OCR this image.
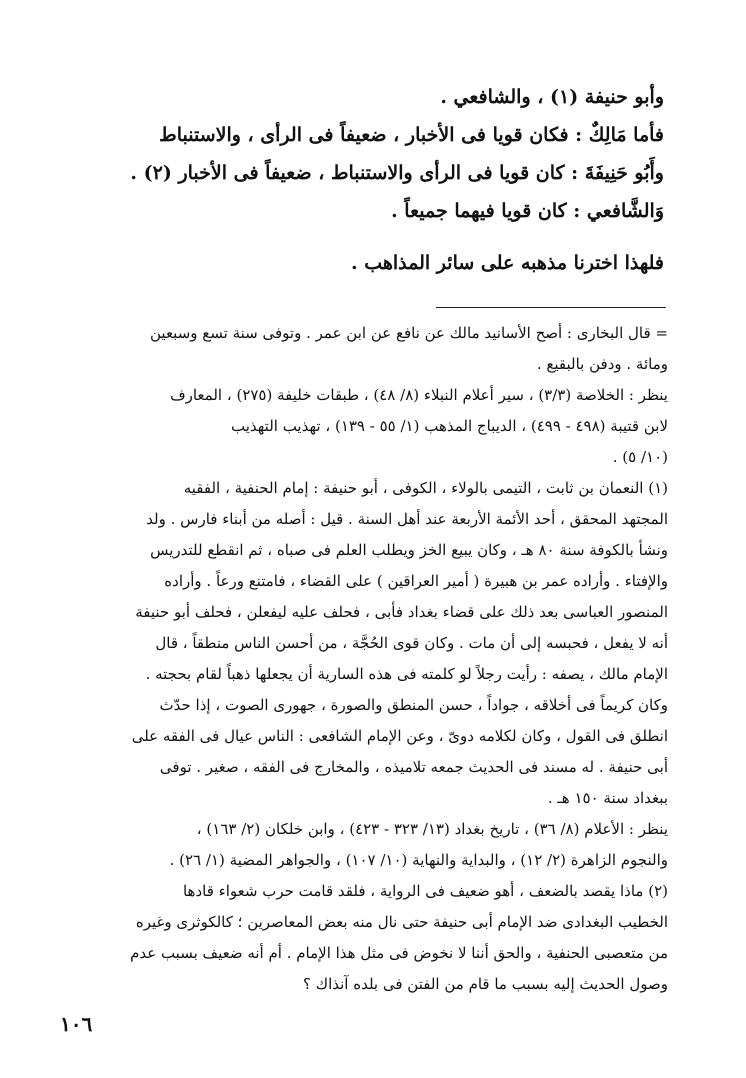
وأبو حنيفة (١) ، والشافعي .
فأما مَالِكٌ : فكان قويا فى الأخبار ، ضعيفاً فى الرأى ، والاستنباط
وأَبُو حَنِيفَةَ : كان قويا فى الرأى والاستنباط ، ضعيفاً فى الأخبار (٢) .
وَالشَّافعي : كان قويا فيهما جميعاً .
فلهذا اخترنا مذهبه على سائر المذاهب .
= قال البخارى : أصح الأسانيد مالك عن نافع عن ابن عمر . وتوفى سنة تسع وسبعين
ومائة . ودفن بالبقيع .
ينظر : الخلاصة (٣/٣) ، سير أعلام النبلاء (٨/ ٤٨) ، طبقات خليفة (٢٧٥) ، المعارف
لابن قتيبة (٤٩٨ - ٤٩٩) ، الديباج المذهب (١/ ٥٥ - ١٣٩) ، تهذيب التهذيب
(١٠/ ٥) .
(١) النعمان بن ثابت ، التيمى بالولاء ، الكوفى ، أبو حنيفة : إمام الحنفية ، الفقيه
المجتهد المحقق ، أحد الأئمة الأربعة عند أهل السنة . قيل : أصله من أبناء فارس . ولد
ونشأ بالكوفة سنة ٨٠ هـ ، وكان يبيع الخز ويطلب العلم فى صباه ، ثم انقطع للتدريس
والإفتاء . وأراده عمر بن هبيرة ( أمير العراقين ) على القضاء ، فامتنع ورعاً . وأراده
المنصور العباسى بعد ذلك على قضاء بغداد فأبى ، فحلف عليه ليفعلن ، فحلف أبو حنيفة
أنه لا يفعل ، فحبسه إلى أن مات . وكان قوى الحُجَّة ، من أحسن الناس منطقاً ، قال
الإمام مالك ، يصفه : رأيت رجلاً لو كلمته فى هذه السارية أن يجعلها ذهباً لقام بحجته .
وكان كريماً فى أخلاقه ، جواداً ، حسن المنطق والصورة ، جهورى الصوت ، إذا حدّث
انطلق فى القول ، وكان لكلامه دوىّ ، وعن الإمام الشافعى : الناس عيال فى الفقه على
أبى حنيفة . له مسند فى الحديث جمعه تلاميذه ، والمخارج فى الفقه ، صغير . توفى
ببغداد سنة ١٥٠ هـ .
ينظر : الأعلام (٨/ ٣٦) ، تاريخ بغداد (١٣/ ٣٢٣ - ٤٢٣) ، وابن خلكان (٢/ ١٦٣) ،
والنجوم الزاهرة (٢/ ١٢) ، والبداية والنهاية (١٠/ ١٠٧) ، والجواهر المضية (١/ ٢٦) .
(٢) ماذا يقصد بالضعف ، أهو ضعيف فى الرواية ، فلقد قامت حرب شعواء قادها
الخطيب البغدادى ضد الإمام أبى حنيفة حتى نال منه بعض المعاصرين ؛ كالكوثرى وغيره
من متعصبى الحنفية ، والحق أننا لا نخوض فى مثل هذا الإمام . أم أنه ضعيف بسبب عدم
وصول الحديث إليه بسبب ما قام من الفتن فى بلده آنذاك ؟
١٠٦
